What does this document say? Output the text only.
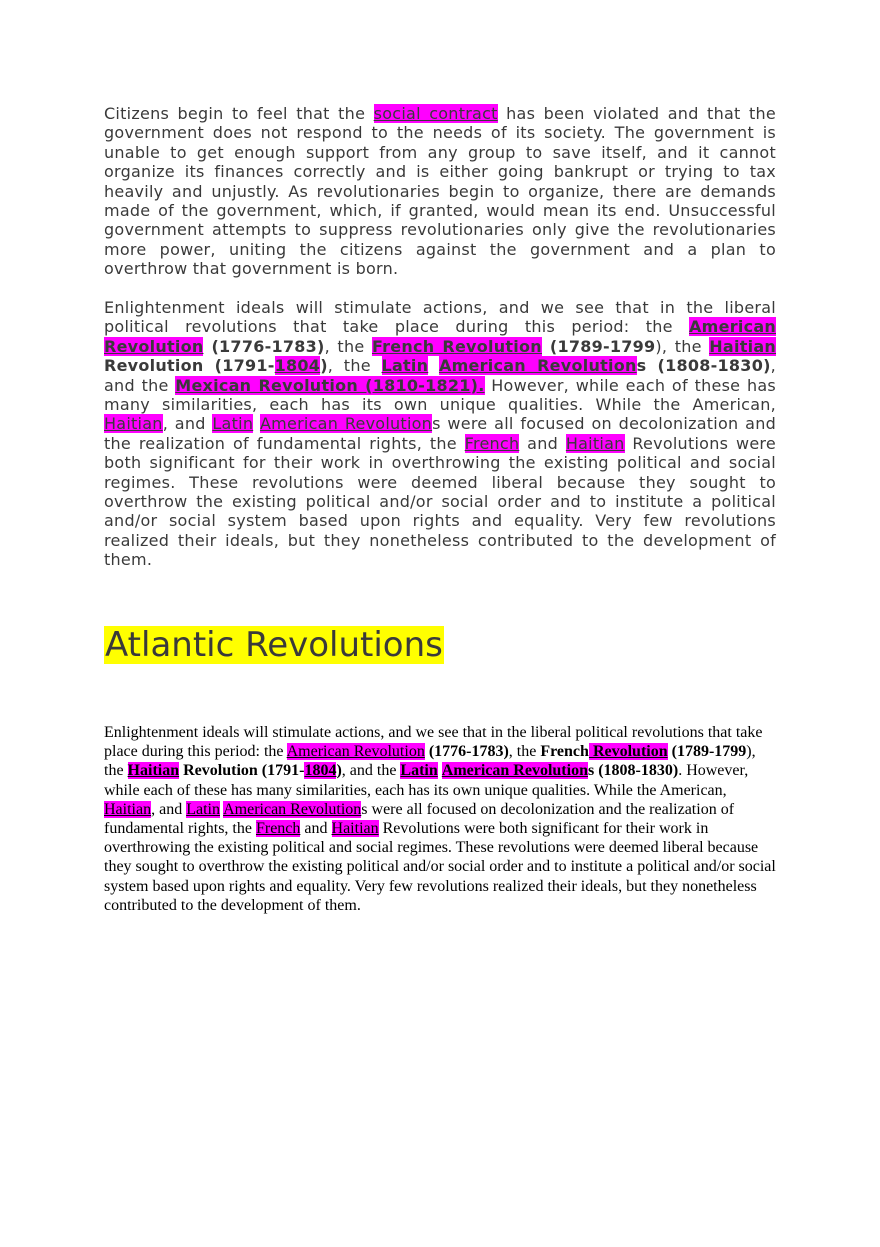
Citizens begin to feel that the social contract has been violated and that the government does not respond to the needs of its society. The government is unable to get enough support from any group to save itself, and it cannot organize its finances correctly and is either going bankrupt or trying to tax heavily and unjustly. As revolutionaries begin to organize, there are demands made of the government, which, if granted, would mean its end. Unsuccessful government attempts to suppress revolutionaries only give the revolutionaries more power, uniting the citizens against the government and a plan to overthrow that government is born.

Enlightenment ideals will stimulate actions, and we see that in the liberal political revolutions that take place during this period: the American Revolution (1776-1783), the French Revolution (1789-1799), the Haitian Revolution (1791-1804), the Latin American Revolutions (1808-1830), and the Mexican Revolution (1810-1821). However, while each of these has many similarities, each has its own unique qualities. While the American, Haitian, and Latin American Revolutions were all focused on decolonization and the realization of fundamental rights, the French and Haitian Revolutions were both significant for their work in overthrowing the existing political and social regimes. These revolutions were deemed liberal because they sought to overthrow the existing political and/or social order and to institute a political and/or social system based upon rights and equality. Very few revolutions realized their ideals, but they nonetheless contributed to the development of them.

Atlantic Revolutions

Enlightenment ideals will stimulate actions, and we see that in the liberal political revolutions that take place during this period: the American Revolution (1776-1783), the French Revolution (1789-1799), the Haitian Revolution (1791-1804), and the Latin American Revolutions (1808-1830). However, while each of these has many similarities, each has its own unique qualities. While the American, Haitian, and Latin American Revolutions were all focused on decolonization and the realization of fundamental rights, the French and Haitian Revolutions were both significant for their work in overthrowing the existing political and social regimes. These revolutions were deemed liberal because they sought to overthrow the existing political and/or social order and to institute a political and/or social system based upon rights and equality. Very few revolutions realized their ideals, but they nonetheless contributed to the development of them.
